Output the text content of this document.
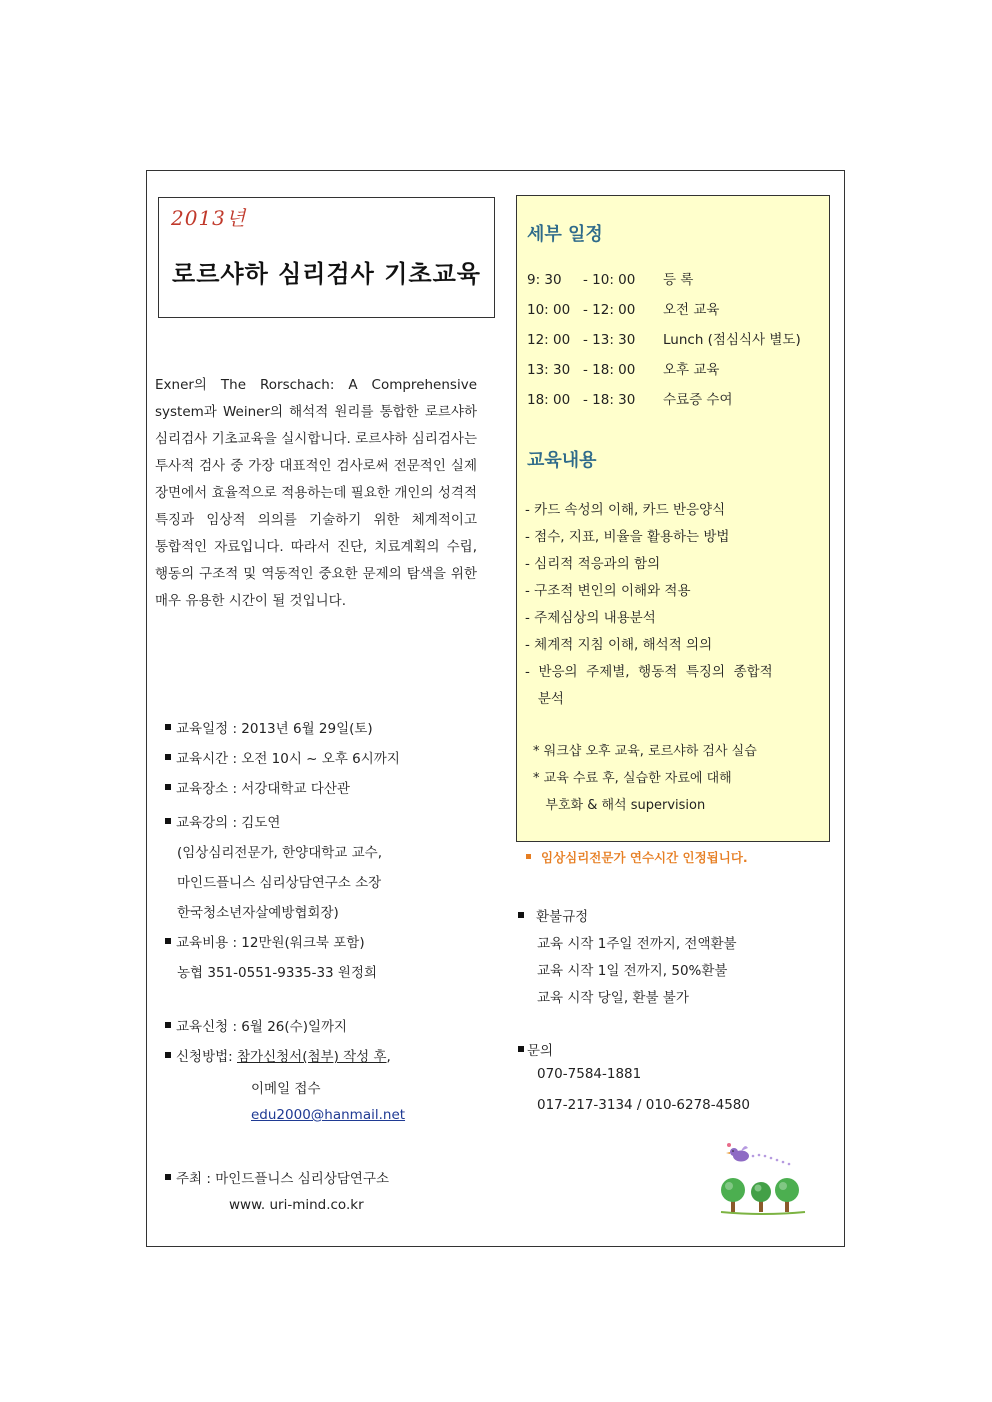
2013년
로르샤하 심리검사 기초교육
Exner의 The Rorschach: A Comprehensive system과 Weiner의 해석적 원리를 통합한 로르샤하 심리검사 기초교육을 실시합니다. 로르샤하 심리검사는 투사적 검사 중 가장 대표적인 검사로써 전문적인 실제 장면에서 효율적으로 적용하는데 필요한 개인의 성격적 특징과 임상적 의의를 기술하기 위한 체계적이고 통합적인 자료입니다. 따라서 진단, 치료계획의 수립, 행동의 구조적 및 역동적인 중요한 문제의 탐색을 위한 매우 유용한 시간이 될 것입니다.
교육일정 : 2013년 6월 29일(토)
교육시간 : 오전 10시 ~ 오후 6시까지
교육장소 : 서강대학교 다산관
교육강의 : 김도연
(임상심리전문가, 한양대학교 교수,
마인드플니스 심리상담연구소 소장
한국청소년자살예방협회장)
교육비용 : 12만원(워크북 포함)
농협 351-0551-9335-33 원정희
교육신청 : 6월 26(수)일까지
신청방법: 참가신청서(첨부) 작성 후,
이메일 접수
edu2000@hanmail.net
주최 : 마인드플니스 심리상담연구소
www. uri-mind.co.kr
세부 일정
9: 30 - 10: 00 등 록
10: 00 - 12: 00 오전 교육
12: 00 - 13: 30 Lunch (점심식사 별도)
13: 30 - 18: 00 오후 교육
18: 00 - 18: 30 수료증 수여
교육내용
- 카드 속성의 이해, 카드 반응양식
- 점수, 지표, 비율을 활용하는 방법
- 심리적 적응과의 함의
- 구조적 변인의 이해와 적용
- 주제심상의 내용분석
- 체계적 지침 이해, 해석적 의의
-  반응의  주제별,  행동적  특징의  종합적
분석
* 워크샵 오후 교육, 로르샤하 검사 실습
* 교육 수료 후, 실습한 자료에 대해
부호화 & 해석 supervision
임상심리전문가 연수시간 인정됩니다.
환불규정
교육 시작 1주일 전까지, 전액환불
교육 시작 1일 전까지, 50%환불
교육 시작 당일, 환불 불가
문의
070-7584-1881
017-217-3134 / 010-6278-4580
